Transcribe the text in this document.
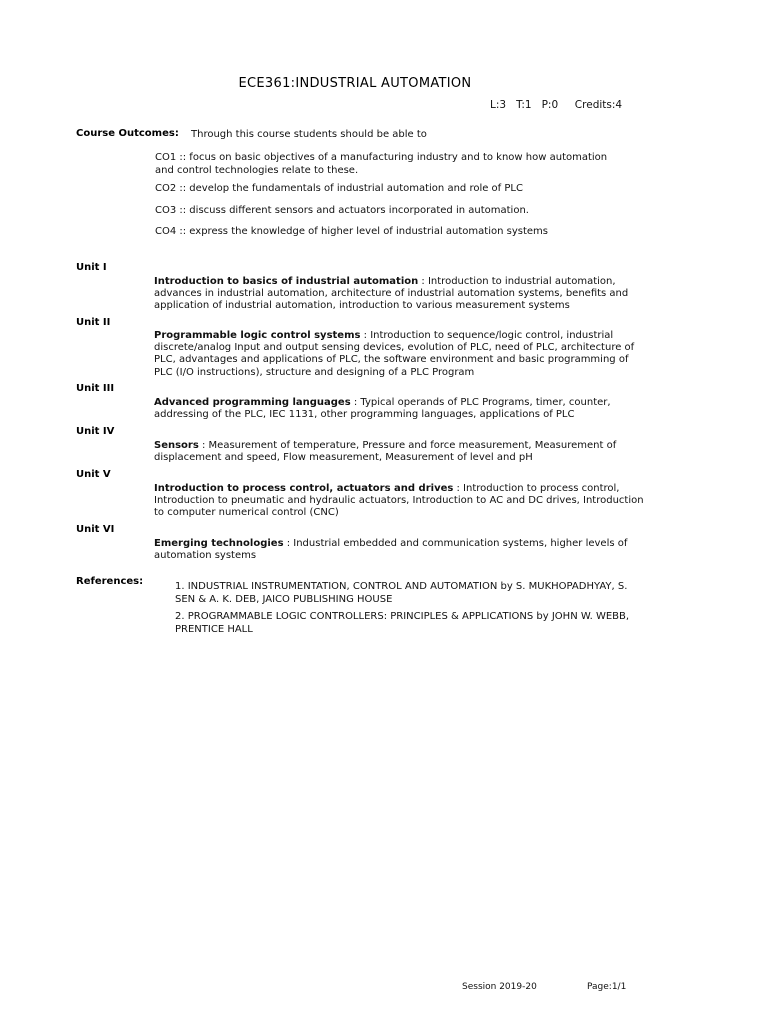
ECE361:INDUSTRIAL AUTOMATION
L:3   T:1   P:0     Credits:4
Course Outcomes: Through this course students should be able to
CO1 :: focus on basic objectives of a manufacturing industry and to know how automation and control technologies relate to these.
CO2 :: develop the fundamentals of industrial automation and role of PLC
CO3 :: discuss different sensors and actuators incorporated in automation.
CO4 :: express the knowledge of higher level of industrial automation systems
Unit I
Introduction to basics of industrial automation : Introduction to industrial automation, advances in industrial automation, architecture of industrial automation systems, benefits and application of industrial automation, introduction to various measurement systems
Unit II
Programmable logic control systems : Introduction to sequence/logic control, industrial discrete/analog Input and output sensing devices, evolution of PLC, need of PLC, architecture of PLC, advantages and applications of PLC, the software environment and basic programming of PLC (I/O instructions), structure and designing of a PLC Program
Unit III
Advanced programming languages : Typical operands of PLC Programs, timer, counter, addressing of the PLC, IEC 1131, other programming languages, applications of PLC
Unit IV
Sensors : Measurement of temperature, Pressure and force measurement, Measurement of displacement and speed, Flow measurement, Measurement of level and pH
Unit V
Introduction to process control, actuators and drives : Introduction to process control, Introduction to pneumatic and hydraulic actuators, Introduction to AC and DC drives, Introduction to computer numerical control (CNC)
Unit VI
Emerging technologies : Industrial embedded and communication systems, higher levels of automation systems
References:	1. INDUSTRIAL INSTRUMENTATION, CONTROL AND AUTOMATION by S. MUKHOPADHYAY, S. SEN & A. K. DEB, JAICO PUBLISHING HOUSE
2. PROGRAMMABLE LOGIC CONTROLLERS: PRINCIPLES & APPLICATIONS by JOHN W. WEBB, PRENTICE HALL
Session 2019-20	Page:1/1
